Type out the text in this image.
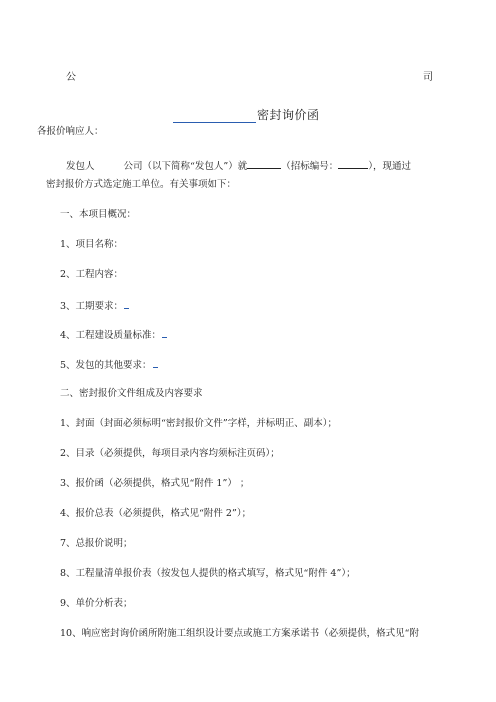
公	司
密封询价函
各报价响应人：
发包人	公司（以下简称“发包人”）就	（招标编号：	），现通过
密封报价方式选定施工单位。有关事项如下：
一、本项目概况：
1、项目名称：
2、工程内容：
3、工期要求：
4、工程建设质量标准：
5、发包的其他要求：
二、密封报价文件组成及内容要求
1、封面（封面必须标明“密封报价文件”字样，并标明正、副本）；
2、目录（必须提供，每项目录内容均须标注页码）；
3、报价函（必须提供，格式见“附件 1”） ；
4、报价总表（必须提供，格式见“附件 2”）；
7、总报价说明；
8、工程量清单报价表（按发包人提供的格式填写，格式见“附件 4”）；
9、单价分析表；
10、响应密封询价函所附施工组织设计要点或施工方案承诺书（必须提供，格式见“附
